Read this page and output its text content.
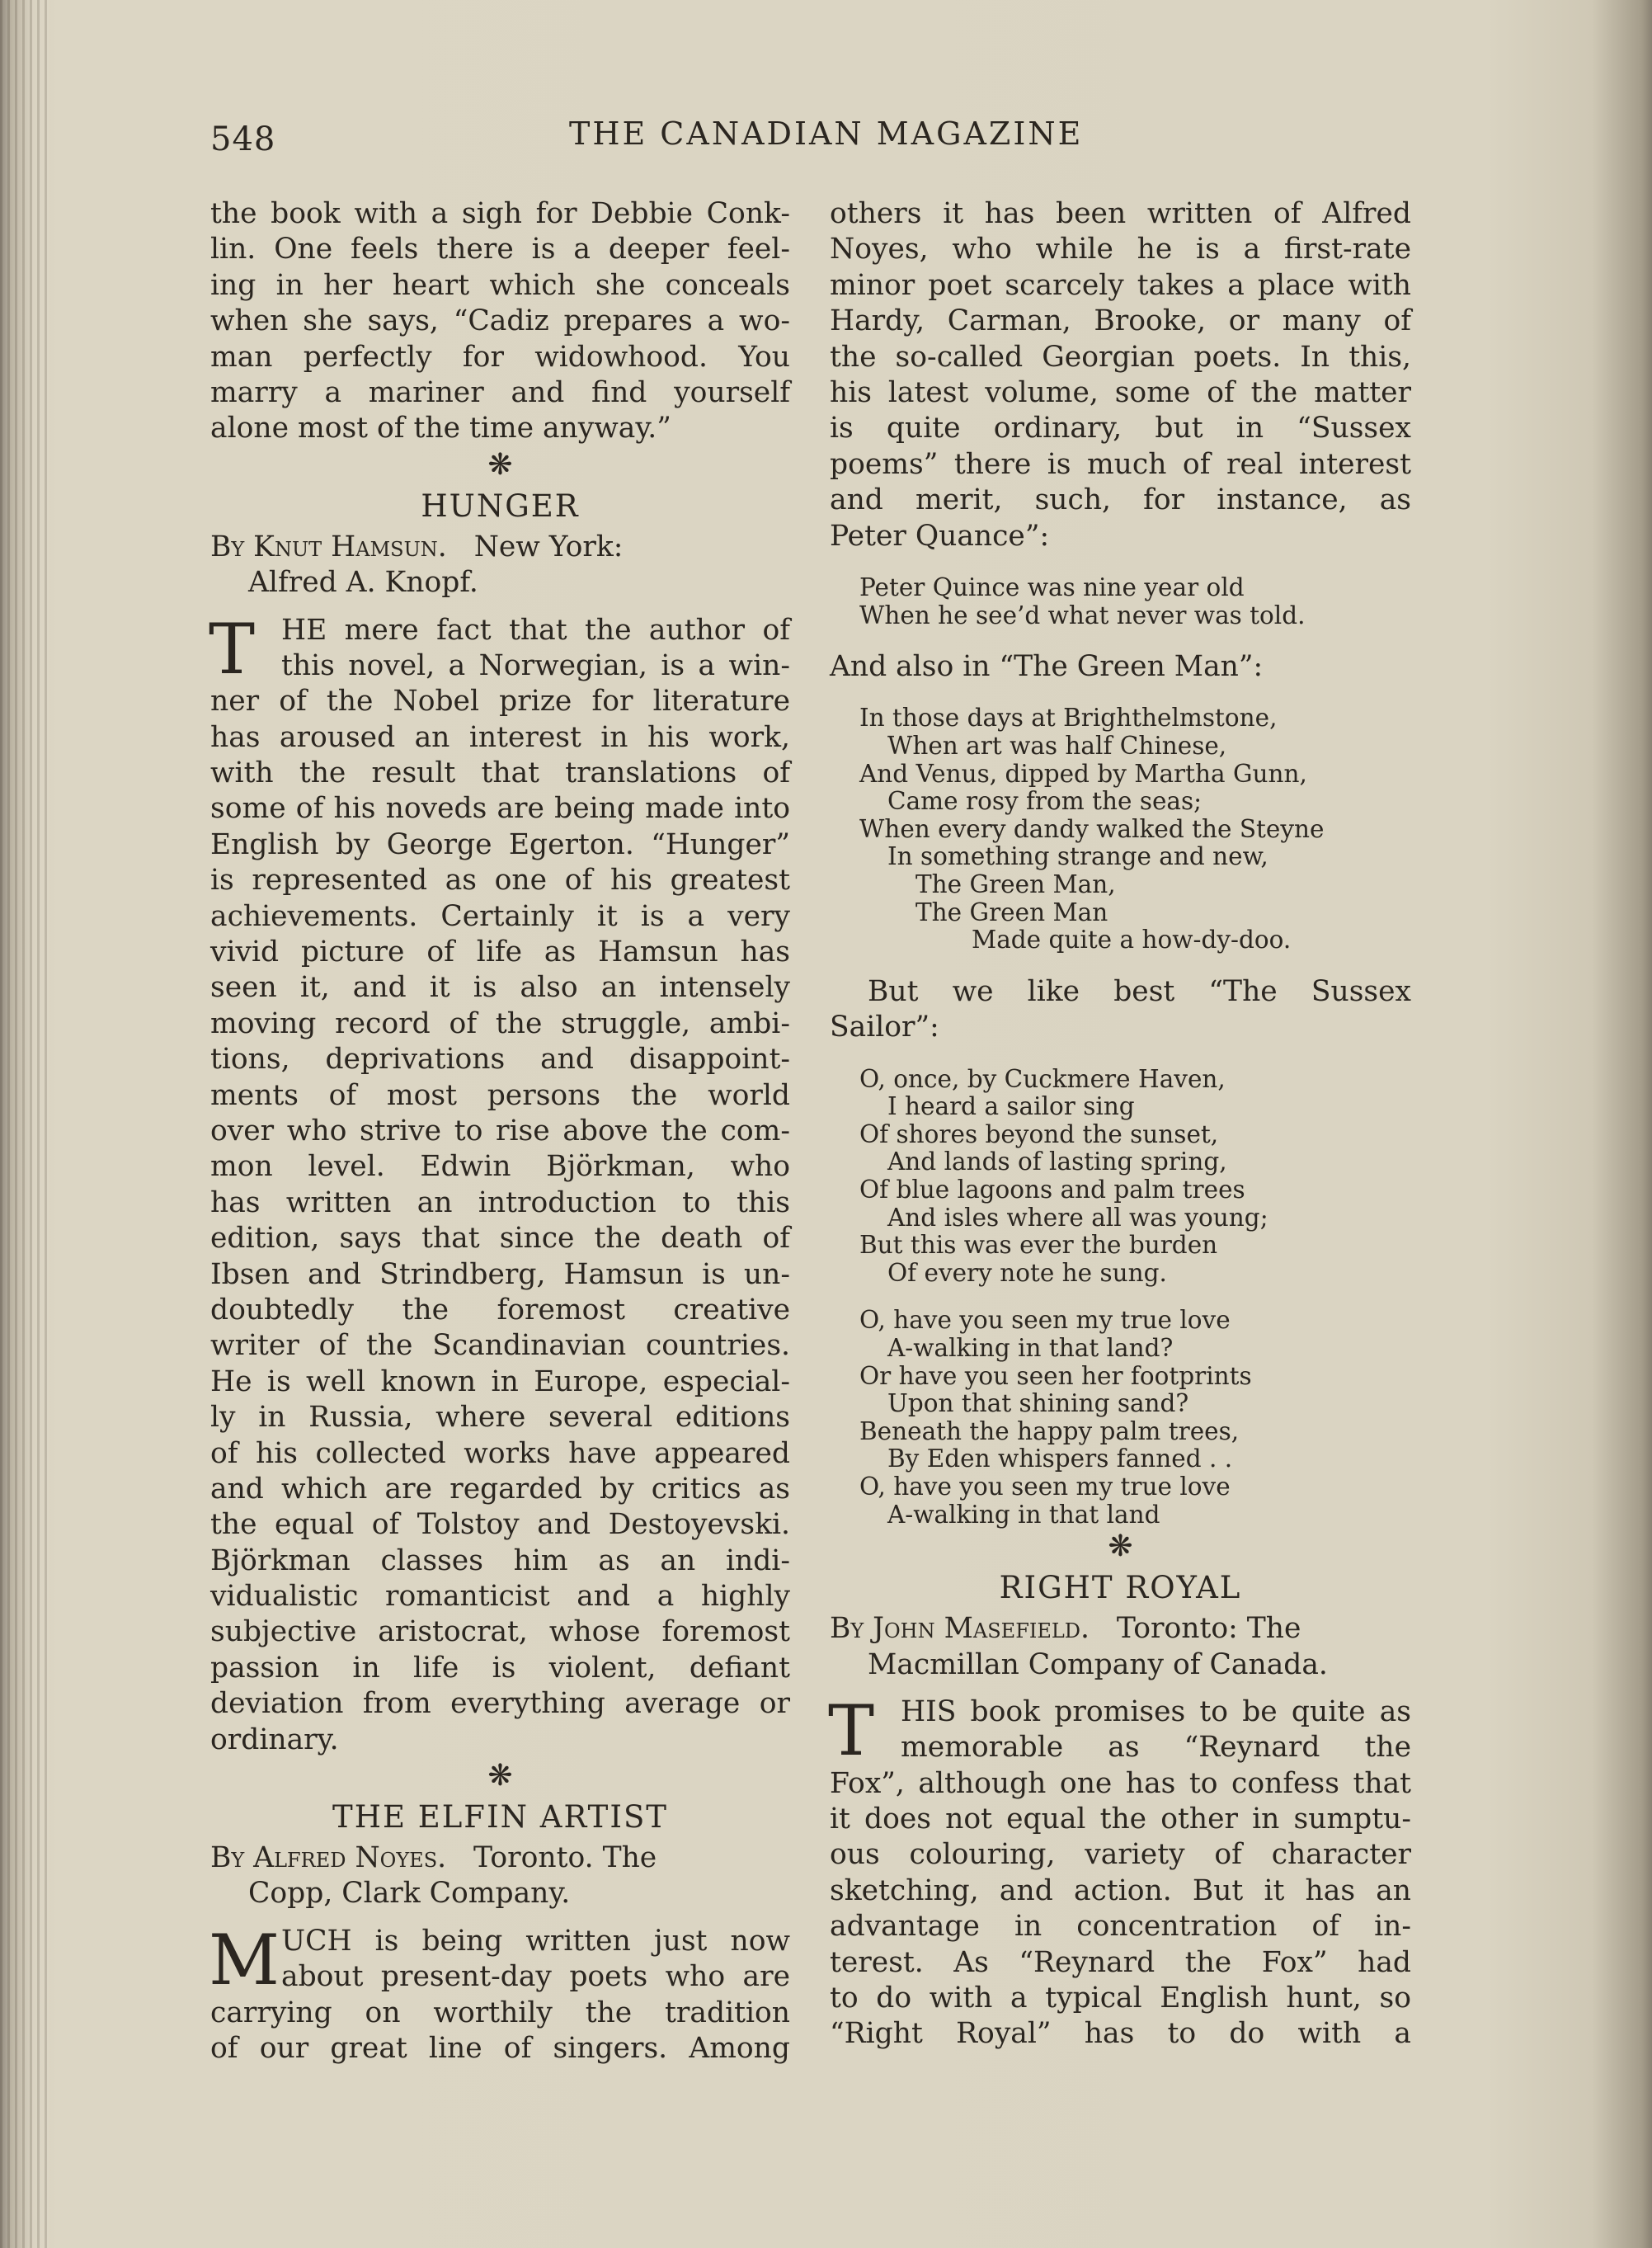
548	THE CANADIAN MAGAZINE
the book with a sigh for Debbie Conk-
lin. One feels there is a deeper feel-
ing in her heart which she conceals
when she says, “Cadiz prepares a wo-
man perfectly for widowhood. You
marry a mariner and find yourself
alone most of the time anyway.”
❋
HUNGER
By Knut Hamsun. New York:
Alfred A. Knopf.
T HE mere fact that the author of
this novel, a Norwegian, is a win-
ner of the Nobel prize for literature
has aroused an interest in his work,
with the result that translations of
some of his noveds are being made into
English by George Egerton. “Hunger”
is represented as one of his greatest
achievements. Certainly it is a very
vivid picture of life as Hamsun has
seen it, and it is also an intensely
moving record of the struggle, ambi-
tions, deprivations and disappoint-
ments of most persons the world
over who strive to rise above the com-
mon level. Edwin Björkman, who
has written an introduction to this
edition, says that since the death of
Ibsen and Strindberg, Hamsun is un-
doubtedly the foremost creative
writer of the Scandinavian countries.
He is well known in Europe, especial-
ly in Russia, where several editions
of his collected works have appeared
and which are regarded by critics as
the equal of Tolstoy and Destoyevski.
Björkman classes him as an indi-
vidualistic romanticist and a highly
subjective aristocrat, whose foremost
passion in life is violent, defiant
deviation from everything average or
ordinary.
❋
THE ELFIN ARTIST
By Alfred Noyes. Toronto. The
Copp, Clark Company.
M UCH is being written just now
about present-day poets who are
carrying on worthily the tradition
of our great line of singers. Among
others it has been written of Alfred
Noyes, who while he is a first-rate
minor poet scarcely takes a place with
Hardy, Carman, Brooke, or many of
the so-called Georgian poets. In this,
his latest volume, some of the matter
is quite ordinary, but in “Sussex
poems” there is much of real interest
and merit, such, for instance, as
Peter Quance”:
Peter Quince was nine year old
When he see’d what never was told.
And also in “The Green Man”:
In those days at Brighthelmstone,
When art was half Chinese,
And Venus, dipped by Martha Gunn,
Came rosy from the seas;
When every dandy walked the Steyne
In something strange and new,
The Green Man,
The Green Man
Made quite a how-dy-doo.
But we like best “The Sussex
Sailor”:
O, once, by Cuckmere Haven,
I heard a sailor sing
Of shores beyond the sunset,
And lands of lasting spring,
Of blue lagoons and palm trees
And isles where all was young;
But this was ever the burden
Of every note he sung.
O, have you seen my true love
A-walking in that land?
Or have you seen her footprints
Upon that shining sand?
Beneath the happy palm trees,
By Eden whispers fanned . .
O, have you seen my true love
A-walking in that land
❋
RIGHT ROYAL
By John Masefield. Toronto: The
Macmillan Company of Canada.
T HIS book promises to be quite as
memorable as “Reynard the
Fox”, although one has to confess that
it does not equal the other in sumptu-
ous colouring, variety of character
sketching, and action. But it has an
advantage in concentration of in-
terest. As “Reynard the Fox” had
to do with a typical English hunt, so
“Right Royal” has to do with a
